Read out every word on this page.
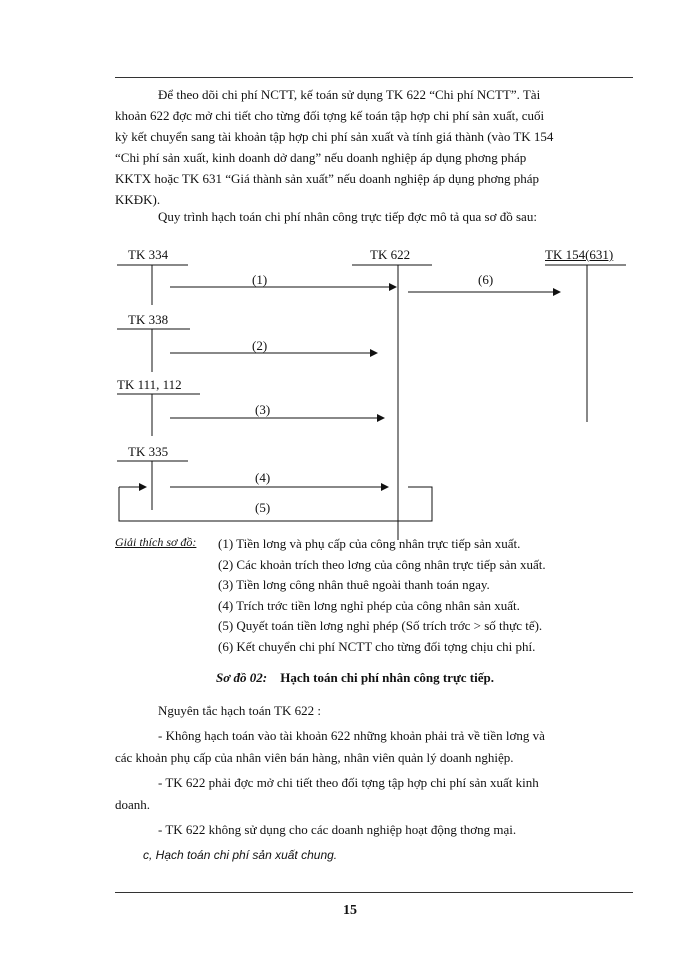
Để theo dõi chi phí NCTT, kế toán sử dụng TK 622 “Chi phí NCTT”. Tài
khoản 622 đợc mở chi tiết cho từng đối tợng kế toán tập hợp chi phí sản xuất, cuối
kỳ kết chuyển sang tài khoản tập hợp chi phí sản xuất và tính giá thành (vào TK 154
“Chi phí sản xuất, kinh doanh dở dang” nếu doanh nghiệp áp dụng phơng pháp
KKTX hoặc TK 631 “Giá thành sản xuất” nếu doanh nghiệp áp dụng phơng pháp
KKĐK).
Quy trình hạch toán chi phí nhân công trực tiếp đợc mô tả qua sơ đồ sau:
TK 334	TK 622	TK 154(631)
TK 338
TK 111, 112
TK 335
(1)	(6)
(2)
(3)
(4)
(5)
Giải thích sơ đồ: (1) Tiền lơng và phụ cấp của công nhân trực tiếp sản xuất.
(2) Các khoản trích theo lơng của công nhân trực tiếp sản xuất.
(3) Tiền lơng công nhân thuê ngoài thanh toán ngay.
(4) Trích trớc tiền lơng nghỉ phép của công nhân sản xuất.
(5) Quyết toán tiền lơng nghỉ phép (Số trích trớc > số thực tế).
(6) Kết chuyển chi phí NCTT cho từng đối tợng chịu chi phí.
Sơ đồ 02: Hạch toán chi phí nhân công trực tiếp.
Nguyên tắc hạch toán TK 622 :
- Không hạch toán vào tài khoản 622 những khoản phải trả về tiền lơng và
các khoản phụ cấp của nhân viên bán hàng, nhân viên quản lý doanh nghiệp.
- TK 622 phải đợc mở chi tiết theo đối tợng tập hợp chi phí sản xuất kinh
doanh.
- TK 622 không sử dụng cho các doanh nghiệp hoạt động thơng mại.
c, Hạch toán chi phí sản xuất chung.
15
